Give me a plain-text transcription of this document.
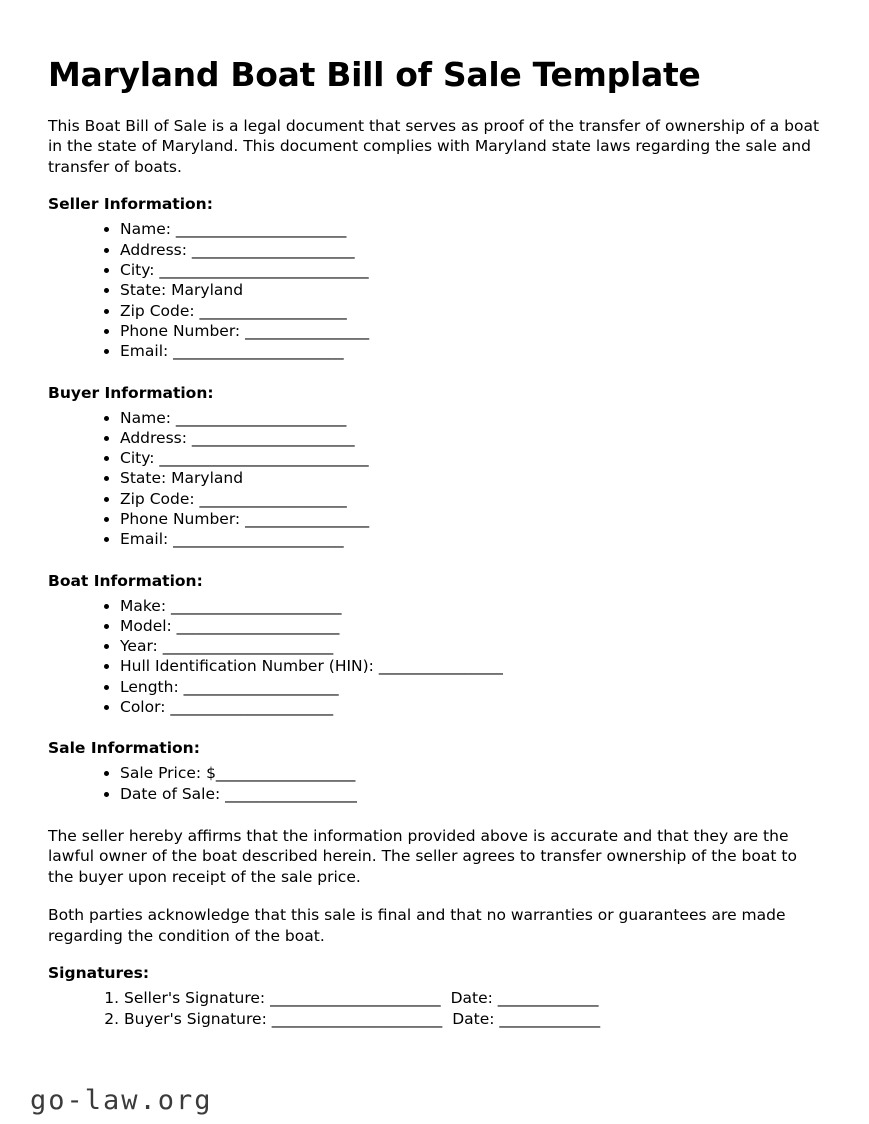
Maryland Boat Bill of Sale Template

This Boat Bill of Sale is a legal document that serves as proof of the transfer of ownership of a boat in the state of Maryland. This document complies with Maryland state laws regarding the sale and transfer of boats.

Seller Information:
• Name: ______________________
• Address: _____________________
• City: ___________________________
• State: Maryland
• Zip Code: ___________________
• Phone Number: ________________
• Email: ______________________
Buyer Information:
• Name: ______________________
• Address: _____________________
• City: ___________________________
• State: Maryland
• Zip Code: ___________________
• Phone Number: ________________
• Email: ______________________
Boat Information:
• Make: ______________________
• Model: _____________________
• Year: ______________________
• Hull Identification Number (HIN): ________________
• Length: ____________________
• Color: _____________________
Sale Information:
• Sale Price: $__________________
• Date of Sale: _________________

The seller hereby affirms that the information provided above is accurate and that they are the lawful owner of the boat described herein. The seller agrees to transfer ownership of the boat to the buyer upon receipt of the sale price.

Both parties acknowledge that this sale is final and that no warranties or guarantees are made regarding the condition of the boat.

Signatures:
1. Seller's Signature: ______________________ Date: _____________
2. Buyer's Signature: ______________________ Date: _____________
go-law.org
